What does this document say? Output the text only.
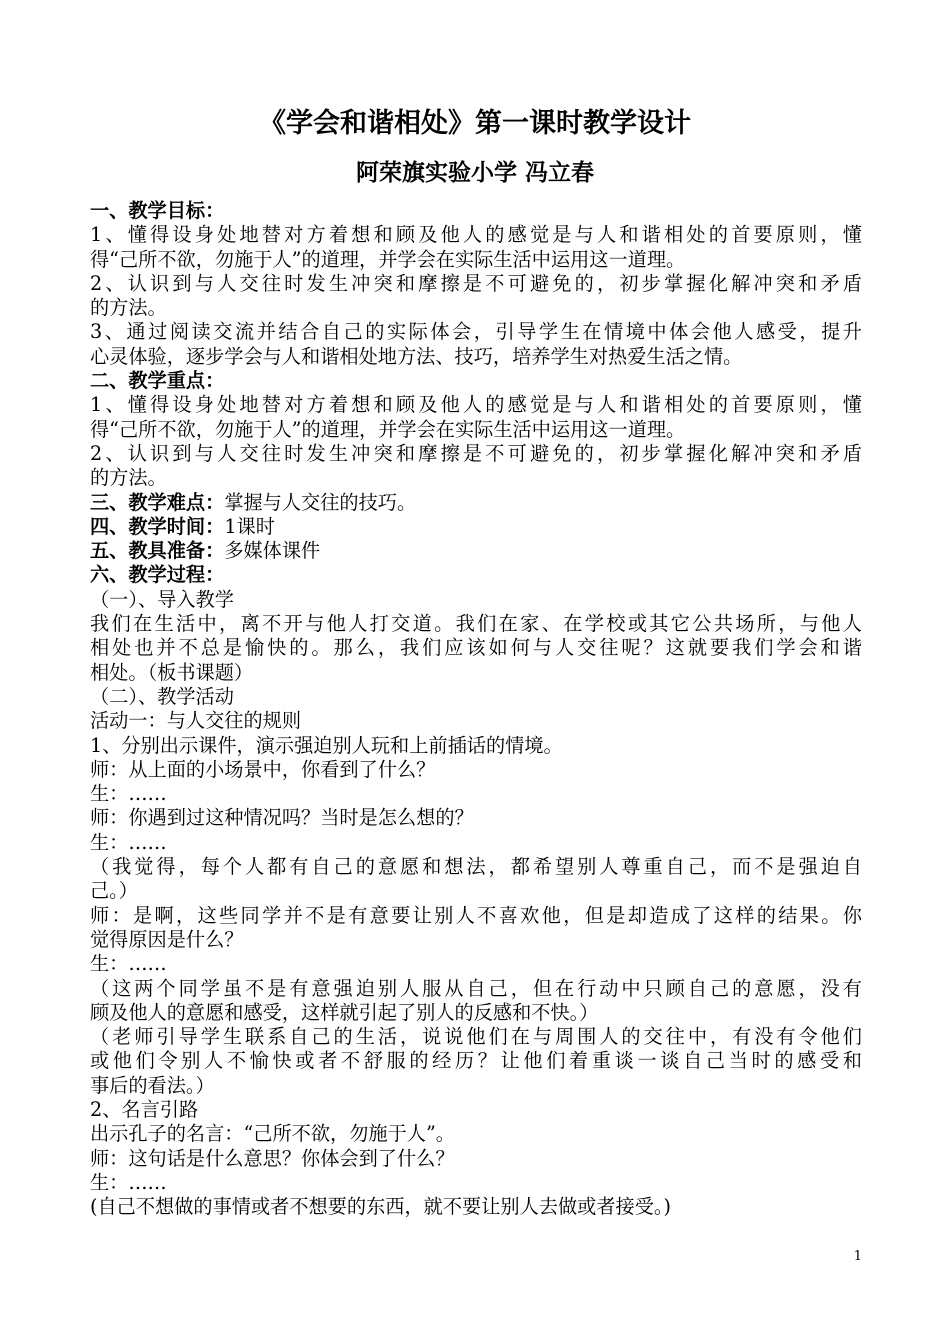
《学会和谐相处》第一课时教学设计
阿荣旗实验小学 冯立春
一、教学目标：
1、懂得设身处地替对方着想和顾及他人的感觉是与人和谐相处的首要原则，懂
得“己所不欲，勿施于人”的道理，并学会在实际生活中运用这一道理。
2、认识到与人交往时发生冲突和摩擦是不可避免的，初步掌握化解冲突和矛盾
的方法。
3、通过阅读交流并结合自己的实际体会，引导学生在情境中体会他人感受，提升
心灵体验，逐步学会与人和谐相处地方法、技巧，培养学生对热爱生活之情。
二、教学重点：
1、懂得设身处地替对方着想和顾及他人的感觉是与人和谐相处的首要原则，懂
得“己所不欲，勿施于人”的道理，并学会在实际生活中运用这一道理。
2、认识到与人交往时发生冲突和摩擦是不可避免的，初步掌握化解冲突和矛盾
的方法。
三、教学难点：掌握与人交往的技巧。
四、教学时间：1课时
五、教具准备：多媒体课件
六、教学过程：
（一）、导入教学
我们在生活中，离不开与他人打交道。我们在家、在学校或其它公共场所，与他人
相处也并不总是愉快的。那么，我们应该如何与人交往呢？这就要我们学会和谐
相处。（板书课题）
（二）、教学活动
活动一：与人交往的规则
1、分别出示课件，演示强迫别人玩和上前插话的情境。
师：从上面的小场景中，你看到了什么？
生：……
师：你遇到过这种情况吗？当时是怎么想的？
生：……
（我觉得，每个人都有自己的意愿和想法，都希望别人尊重自己，而不是强迫自
己。）
师：是啊，这些同学并不是有意要让别人不喜欢他，但是却造成了这样的结果。你
觉得原因是什么？
生：……
（这两个同学虽不是有意强迫别人服从自己，但在行动中只顾自己的意愿，没有
顾及他人的意愿和感受，这样就引起了别人的反感和不快。）
（老师引导学生联系自己的生活，说说他们在与周围人的交往中，有没有令他们
或他们令别人不愉快或者不舒服的经历？让他们着重谈一谈自己当时的感受和
事后的看法。）
2、名言引路
出示孔子的名言：“己所不欲，勿施于人”。
师：这句话是什么意思？你体会到了什么？
生：……
(自己不想做的事情或者不想要的东西，就不要让别人去做或者接受。)
1
